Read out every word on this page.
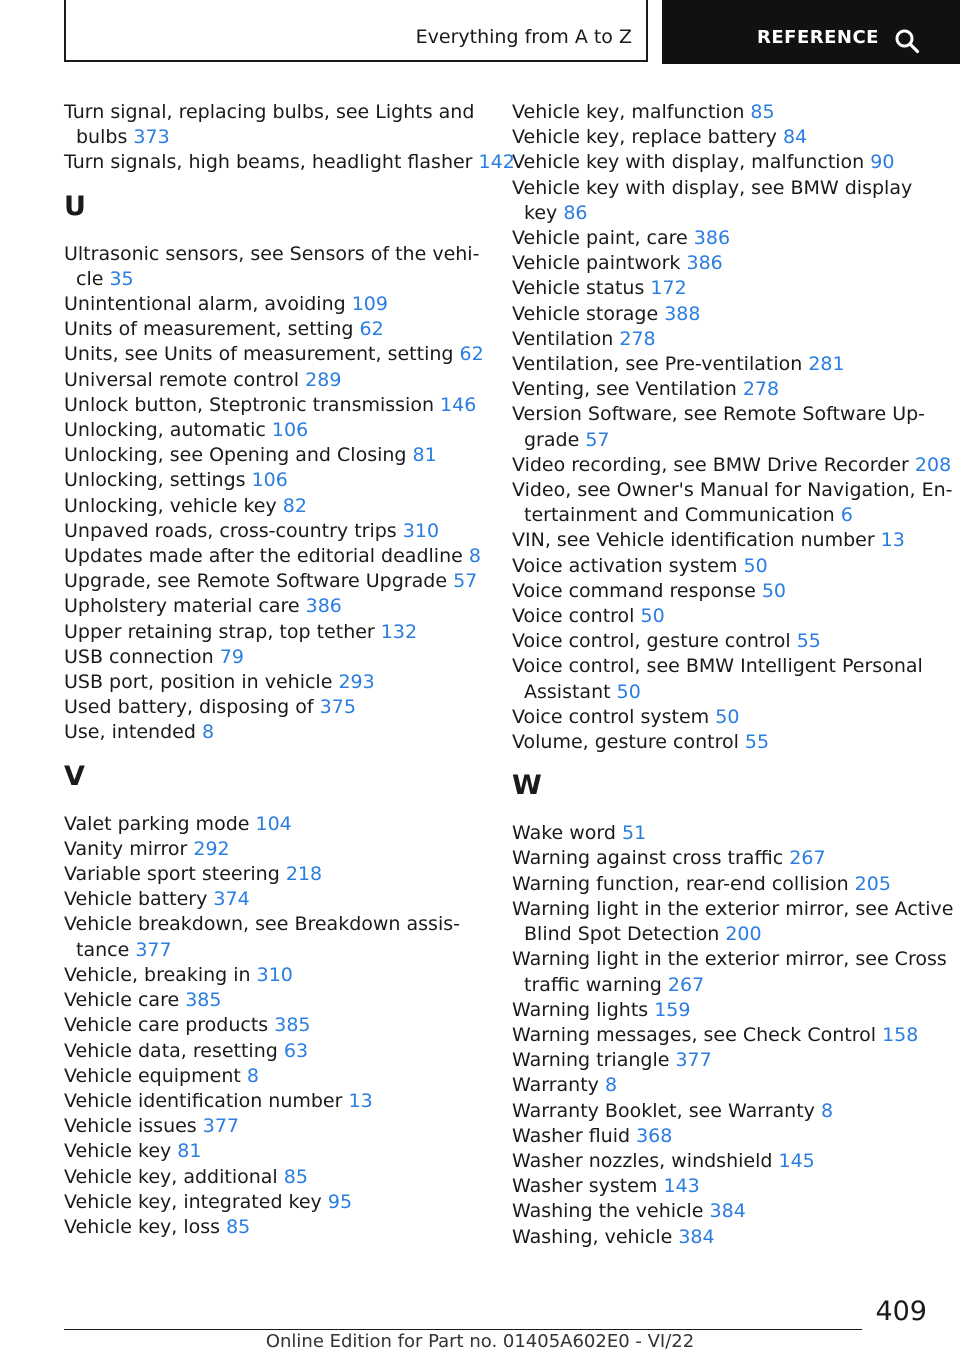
Everything from A to Z	REFERENCE
Turn signal, replacing bulbs, see Lights and
bulbs 373
Turn signals, high beams, headlight flasher 142
U
Ultrasonic sensors, see Sensors of the vehi-
cle 35
Unintentional alarm, avoiding 109
Units of measurement, setting 62
Units, see Units of measurement, setting 62
Universal remote control 289
Unlock button, Steptronic transmission 146
Unlocking, automatic 106
Unlocking, see Opening and Closing 81
Unlocking, settings 106
Unlocking, vehicle key 82
Unpaved roads, cross-country trips 310
Updates made after the editorial deadline 8
Upgrade, see Remote Software Upgrade 57
Upholstery material care 386
Upper retaining strap, top tether 132
USB connection 79
USB port, position in vehicle 293
Used battery, disposing of 375
Use, intended 8
V
Valet parking mode 104
Vanity mirror 292
Variable sport steering 218
Vehicle battery 374
Vehicle breakdown, see Breakdown assis-
tance 377
Vehicle, breaking in 310
Vehicle care 385
Vehicle care products 385
Vehicle data, resetting 63
Vehicle equipment 8
Vehicle identification number 13
Vehicle issues 377
Vehicle key 81
Vehicle key, additional 85
Vehicle key, integrated key 95
Vehicle key, loss 85
Vehicle key, malfunction 85
Vehicle key, replace battery 84
Vehicle key with display, malfunction 90
Vehicle key with display, see BMW display
key 86
Vehicle paint, care 386
Vehicle paintwork 386
Vehicle status 172
Vehicle storage 388
Ventilation 278
Ventilation, see Pre-ventilation 281
Venting, see Ventilation 278
Version Software, see Remote Software Up-
grade 57
Video recording, see BMW Drive Recorder 208
Video, see Owner's Manual for Navigation, En-
tertainment and Communication 6
VIN, see Vehicle identification number 13
Voice activation system 50
Voice command response 50
Voice control 50
Voice control, gesture control 55
Voice control, see BMW Intelligent Personal
Assistant 50
Voice control system 50
Volume, gesture control 55
W
Wake word 51
Warning against cross traffic 267
Warning function, rear-end collision 205
Warning light in the exterior mirror, see Active
Blind Spot Detection 200
Warning light in the exterior mirror, see Cross
traffic warning 267
Warning lights 159
Warning messages, see Check Control 158
Warning triangle 377
Warranty 8
Warranty Booklet, see Warranty 8
Washer fluid 368
Washer nozzles, windshield 145
Washer system 143
Washing the vehicle 384
Washing, vehicle 384
409
Online Edition for Part no. 01405A602E0 - VI/22
